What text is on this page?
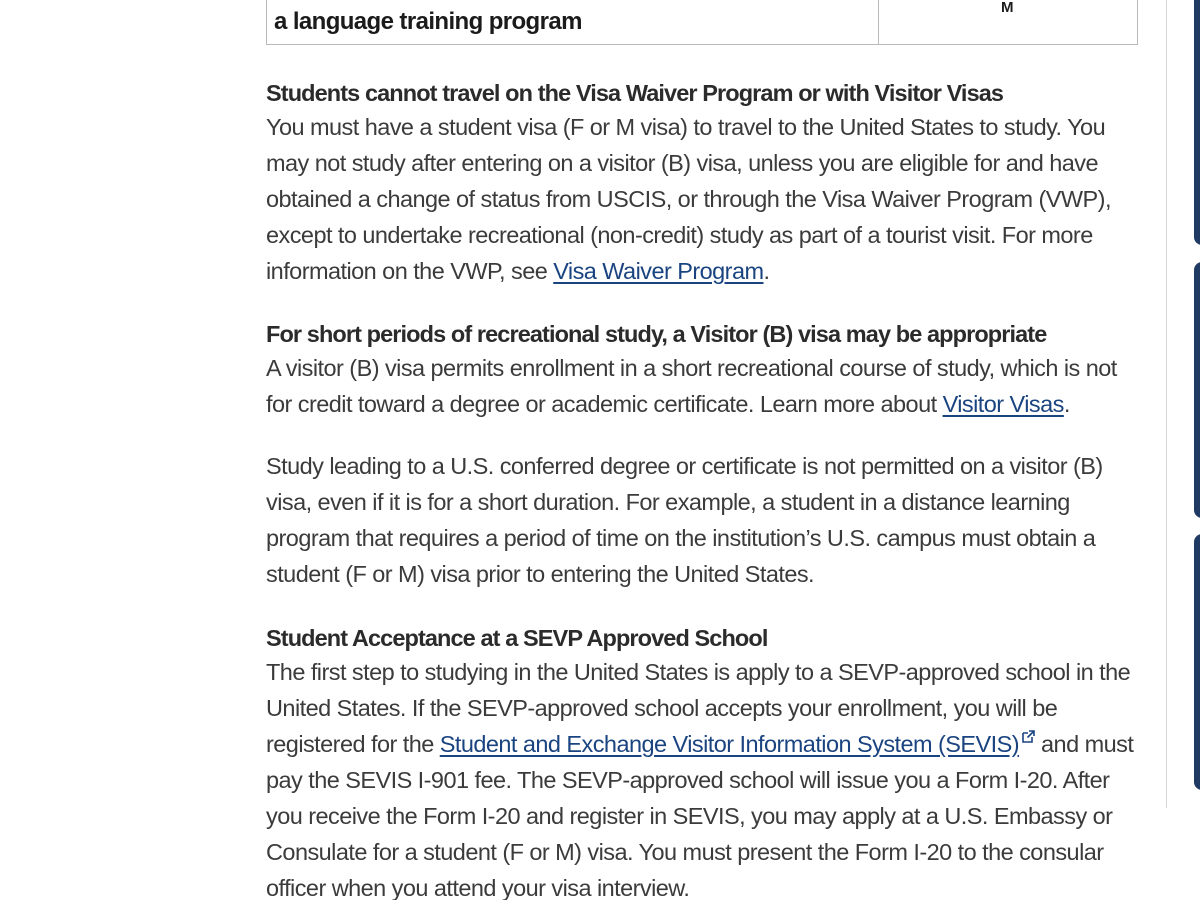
a language training program
M
Students cannot travel on the Visa Waiver Program or with Visitor Visas

You must have a student visa (F or M visa) to travel to the United States to study. You may not study after entering on a visitor (B) visa, unless you are eligible for and have obtained a change of status from USCIS, or through the Visa Waiver Program (VWP), except to undertake recreational (non-credit) study as part of a tourist visit. For more information on the VWP, see Visa Waiver Program.

For short periods of recreational study, a Visitor (B) visa may be appropriate

A visitor (B) visa permits enrollment in a short recreational course of study, which is not for credit toward a degree or academic certificate. Learn more about Visitor Visas.

Study leading to a U.S. conferred degree or certificate is not permitted on a visitor (B) visa, even if it is for a short duration. For example, a student in a distance learning program that requires a period of time on the institution’s U.S. campus must obtain a student (F or M) visa prior to entering the United States.

Student Acceptance at a SEVP Approved School

The first step to studying in the United States is apply to a SEVP-approved school in the United States. If the SEVP-approved school accepts your enrollment, you will be registered for the Student and Exchange Visitor Information System (SEVIS) and must pay the SEVIS I-901 fee. The SEVP-approved school will issue you a Form I-20. After you receive the Form I-20 and register in SEVIS, you may apply at a U.S. Embassy or Consulate for a student (F or M) visa. You must present the Form I-20 to the consular officer when you attend your visa interview.
